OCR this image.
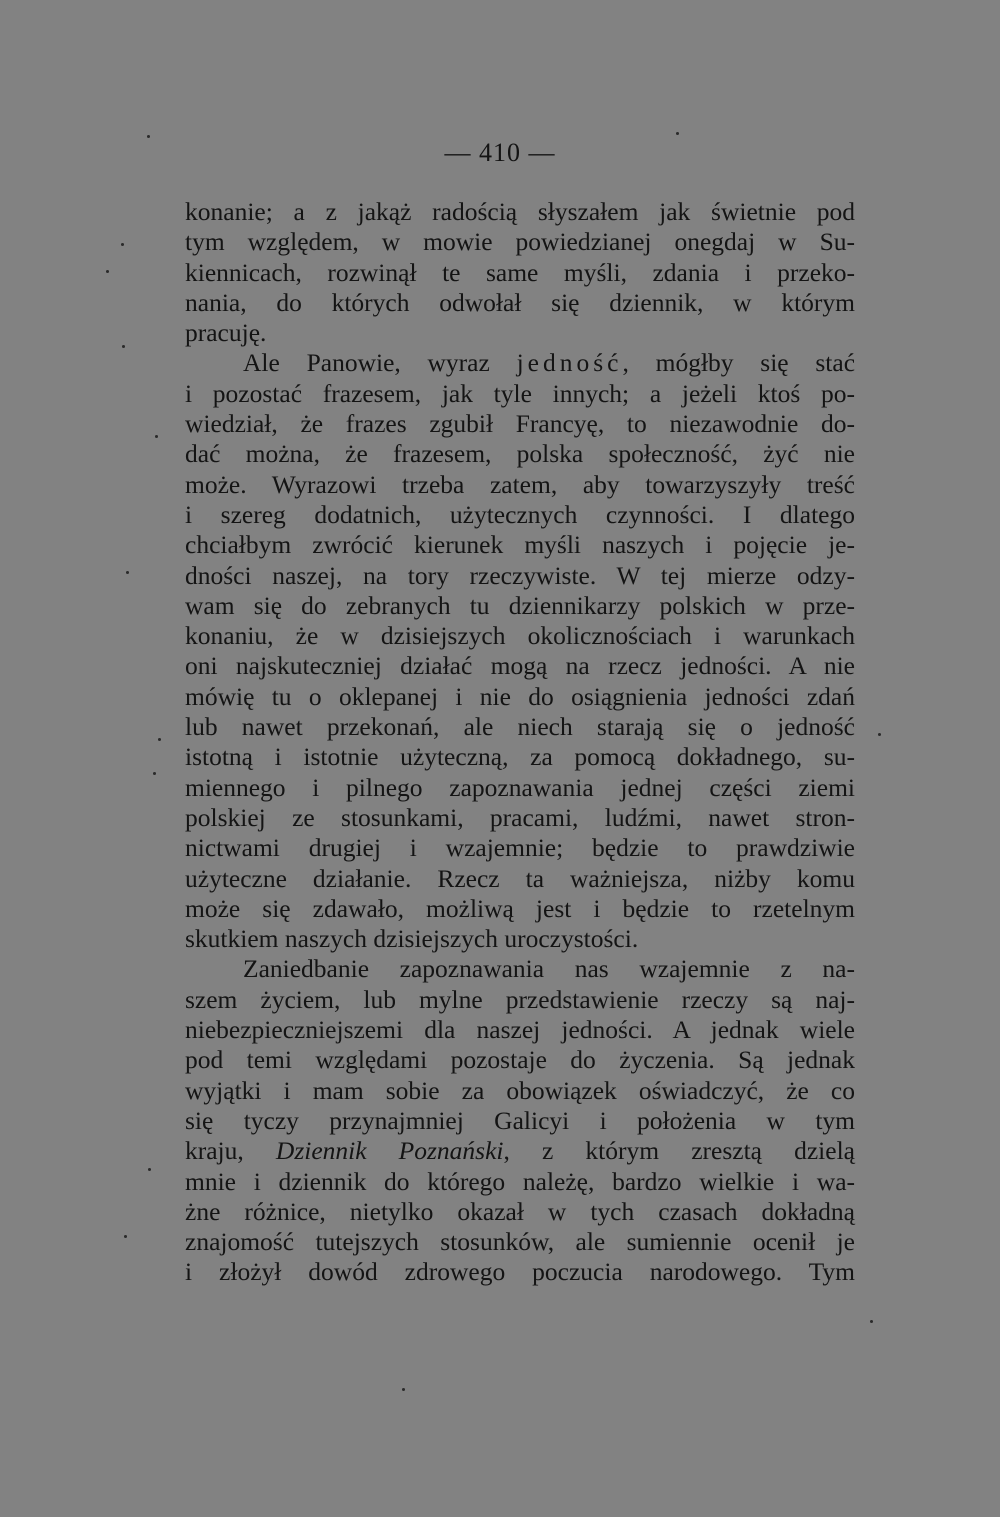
— 410 —
konanie; a z jakąż radością słyszałem jak świetnie pod
tym względem, w mowie powiedzianej onegdaj w Su-
kiennicach, rozwinął te same myśli, zdania i przeko-
nania, do których odwołał się dziennik, w którym
pracuję.
Ale Panowie, wyraz jedność, mógłby się stać
i pozostać frazesem, jak tyle innych; a jeżeli ktoś po-
wiedział, że frazes zgubił Francyę, to niezawodnie do-
dać można, że frazesem, polska społeczność, żyć nie
może. Wyrazowi trzeba zatem, aby towarzyszyły treść
i szereg dodatnich, użytecznych czynności. I dlatego
chciałbym zwrócić kierunek myśli naszych i pojęcie je-
dności naszej, na tory rzeczywiste. W tej mierze odzy-
wam się do zebranych tu dziennikarzy polskich w prze-
konaniu, że w dzisiejszych okolicznościach i warunkach
oni najskuteczniej działać mogą na rzecz jedności. A nie
mówię tu o oklepanej i nie do osiągnienia jedności zdań
lub nawet przekonań, ale niech starają się o jedność
istotną i istotnie użyteczną, za pomocą dokładnego, su-
miennego i pilnego zapoznawania jednej części ziemi
polskiej ze stosunkami, pracami, ludźmi, nawet stron-
nictwami drugiej i wzajemnie; będzie to prawdziwie
użyteczne działanie. Rzecz ta ważniejsza, niżby komu
może się zdawało, możliwą jest i będzie to rzetelnym
skutkiem naszych dzisiejszych uroczystości.
Zaniedbanie zapoznawania nas wzajemnie z na-
szem życiem, lub mylne przedstawienie rzeczy są naj-
niebezpieczniejszemi dla naszej jedności. A jednak wiele
pod temi względami pozostaje do życzenia. Są jednak
wyjątki i mam sobie za obowiązek oświadczyć, że co
się tyczy przynajmniej Galicyi i położenia w tym
kraju, Dziennik Poznański, z którym zresztą dzielą
mnie i dziennik do którego należę, bardzo wielkie i wa-
żne różnice, nietylko okazał w tych czasach dokładną
znajomość tutejszych stosunków, ale sumiennie ocenił je
i złożył dowód zdrowego poczucia narodowego. Tym
